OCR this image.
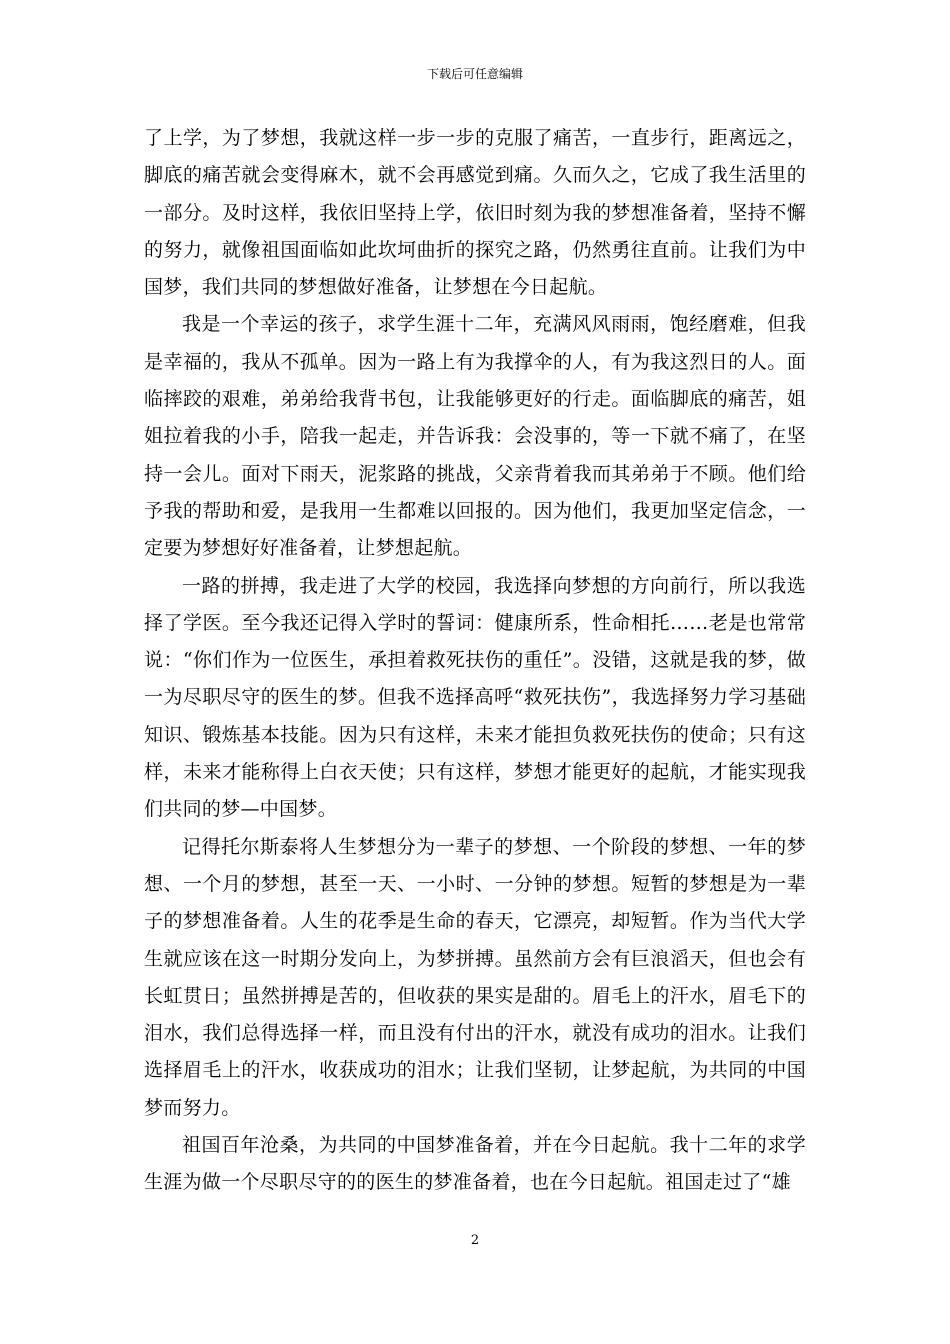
下载后可任意编辑

了上学，为了梦想，我就这样一步一步的克服了痛苦，一直步行，距离远之，脚底的痛苦就会变得麻木，就不会再感觉到痛。久而久之，它成了我生活里的一部分。及时这样，我依旧坚持上学，依旧时刻为我的梦想准备着，坚持不懈的努力，就像祖国面临如此坎坷曲折的探究之路，仍然勇往直前。让我们为中国梦，我们共同的梦想做好准备，让梦想在今日起航。

我是一个幸运的孩子，求学生涯十二年，充满风风雨雨，饱经磨难，但我是幸福的，我从不孤单。因为一路上有为我撑伞的人，有为我这烈日的人。面临摔跤的艰难，弟弟给我背书包，让我能够更好的行走。面临脚底的痛苦，姐姐拉着我的小手，陪我一起走，并告诉我：会没事的，等一下就不痛了，在坚持一会儿。面对下雨天，泥浆路的挑战，父亲背着我而其弟弟于不顾。他们给予我的帮助和爱，是我用一生都难以回报的。因为他们，我更加坚定信念，一定要为梦想好好准备着，让梦想起航。

一路的拼搏，我走进了大学的校园，我选择向梦想的方向前行，所以我选择了学医。至今我还记得入学时的誓词：健康所系，性命相托……老是也常常说：“你们作为一位医生，承担着救死扶伤的重任”。没错，这就是我的梦，做一为尽职尽守的医生的梦。但我不选择高呼“救死扶伤”，我选择努力学习基础知识、锻炼基本技能。因为只有这样，未来才能担负救死扶伤的使命；只有这样，未来才能称得上白衣天使；只有这样，梦想才能更好的起航，才能实现我们共同的梦—中国梦。

记得托尔斯泰将人生梦想分为一辈子的梦想、一个阶段的梦想、一年的梦想、一个月的梦想，甚至一天、一小时、一分钟的梦想。短暂的梦想是为一辈子的梦想准备着。人生的花季是生命的春天，它漂亮，却短暂。作为当代大学生就应该在这一时期分发向上，为梦拼搏。虽然前方会有巨浪滔天，但也会有长虹贯日；虽然拼搏是苦的，但收获的果实是甜的。眉毛上的汗水，眉毛下的泪水，我们总得选择一样，而且没有付出的汗水，就没有成功的泪水。让我们选择眉毛上的汗水，收获成功的泪水；让我们坚韧，让梦起航，为共同的中国梦而努力。

祖国百年沧桑，为共同的中国梦准备着，并在今日起航。我十二年的求学生涯为做一个尽职尽守的的医生的梦准备着，也在今日起航。祖国走过了“雄

2
